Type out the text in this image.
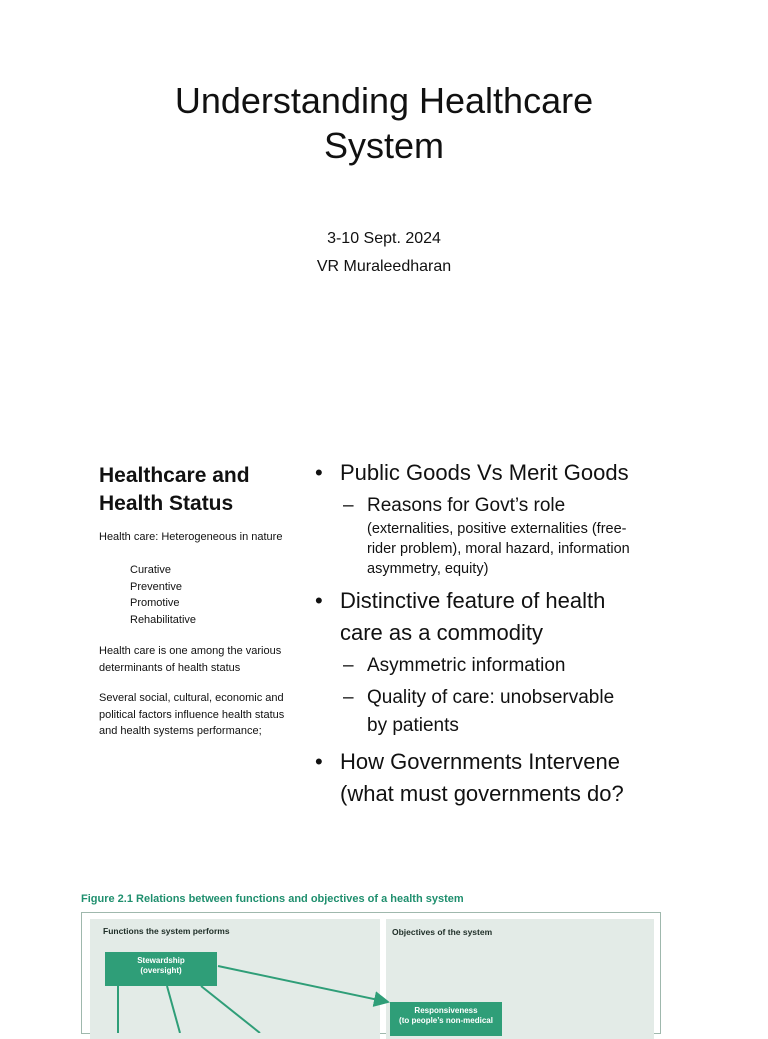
Understanding Healthcare
System
3-10 Sept. 2024
VR Muraleedharan
Healthcare and
Health Status
Health care: Heterogeneous in nature
Curative
Preventive
Promotive
Rehabilitative
Health care is one among the various
determinants of health status
Several social, cultural, economic and
political factors influence health status
and health systems performance;
• Public Goods Vs Merit Goods
– Reasons for Govt’s role
(externalities, positive externalities (free-
rider problem), moral hazard, information
asymmetry, equity)
• Distinctive feature of health
care as a commodity
– Asymmetric information
– Quality of care: unobservable
by patients
• How Governments Intervene
(what must governments do?
Figure 2.1 Relations between functions and objectives of a health system
Functions the system performs	Objectives of the system
Stewardship
(oversight)
Responsiveness
(to people’s non-medical
